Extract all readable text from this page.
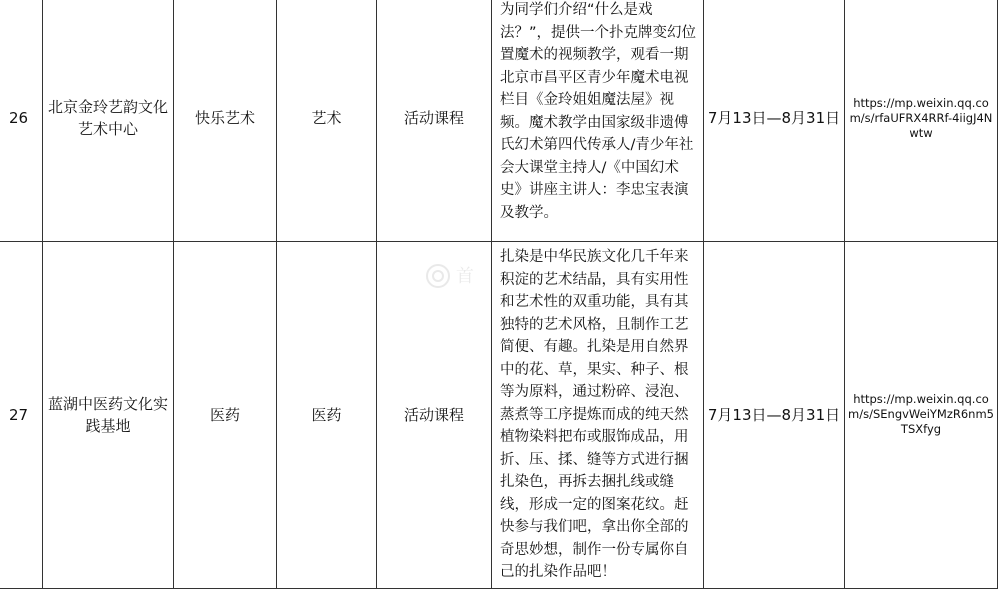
26	北京金玲艺韵文化艺术中心	快乐艺术	艺术	活动课程	为同学们介绍“什么是戏法？”，提供一个扑克牌变幻位置魔术的视频教学，观看一期北京市昌平区青少年魔术电视栏目《金玲姐姐魔法屋》视频。魔术教学由国家级非遗傅氏幻术第四代传承人/青少年社会大课堂主持人/《中国幻术史》讲座主讲人：李忠宝表演及教学。	7月13日—8月31日	https://mp.weixin.qq.com/s/rfaUFRX4RRf-4iigJ4Nwtw
27	蓝湖中医药文化实践基地	医药	医药	活动课程	扎染是中华民族文化几千年来积淀的艺术结晶，具有实用性和艺术性的双重功能，具有其独特的艺术风格，且制作工艺简便、有趣。扎染是用自然界中的花、草，果实、种子、根等为原料，通过粉碎、浸泡、蒸煮等工序提炼而成的纯天然植物染料把布或服饰成品，用折、压、揉、缝等方式进行捆扎染色，再拆去捆扎线或缝线，形成一定的图案花纹。赶快参与我们吧，拿出你全部的奇思妙想，制作一份专属你自己的扎染作品吧！	7月13日—8月31日	https://mp.weixin.qq.com/s/SEngvWeiYMzR6nm5TSXfyg
首
